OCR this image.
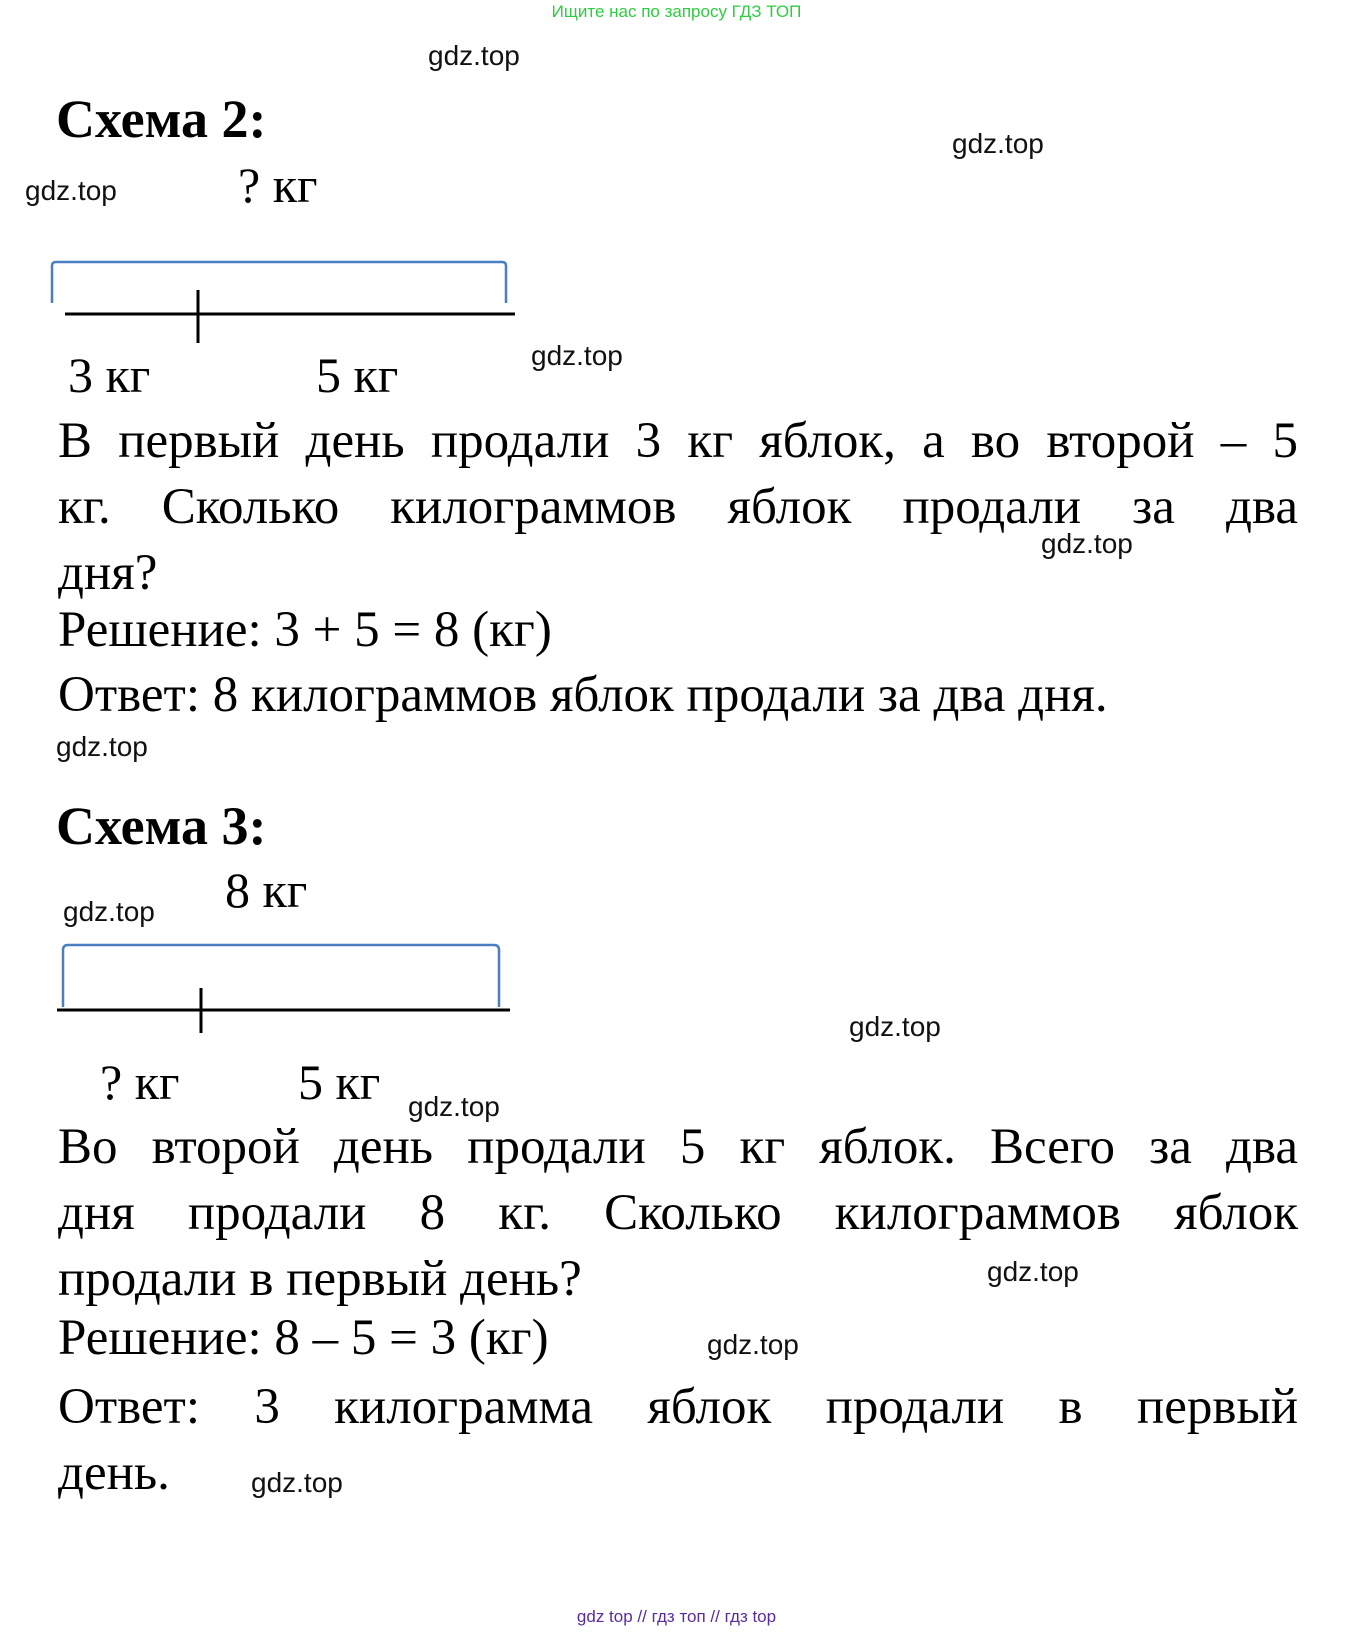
Ищите нас по запросу ГДЗ ТОП
gdz.top
gdz.top
gdz.top
gdz.top
gdz.top
gdz.top
gdz.top
gdz.top
gdz.top
gdz.top
gdz.top
gdz.top
Схема 2:
? кг
3 кг	5 кг
В первый день продали 3 кг яблок, а во второй – 5
кг. Сколько килограммов яблок продали за два
дня?
Решение: 3 + 5 = 8 (кг)
Ответ: 8 килограммов яблок продали за два дня.
Схема 3:
8 кг
? кг 5 кг
Во второй день продали 5 кг яблок. Всего за два
дня продали 8 кг. Сколько килограммов яблок
продали в первый день?
Решение: 8 – 5 = 3 (кг)
Ответ: 3 килограмма яблок продали в первый
день.
gdz top // гдз топ // гдз top
